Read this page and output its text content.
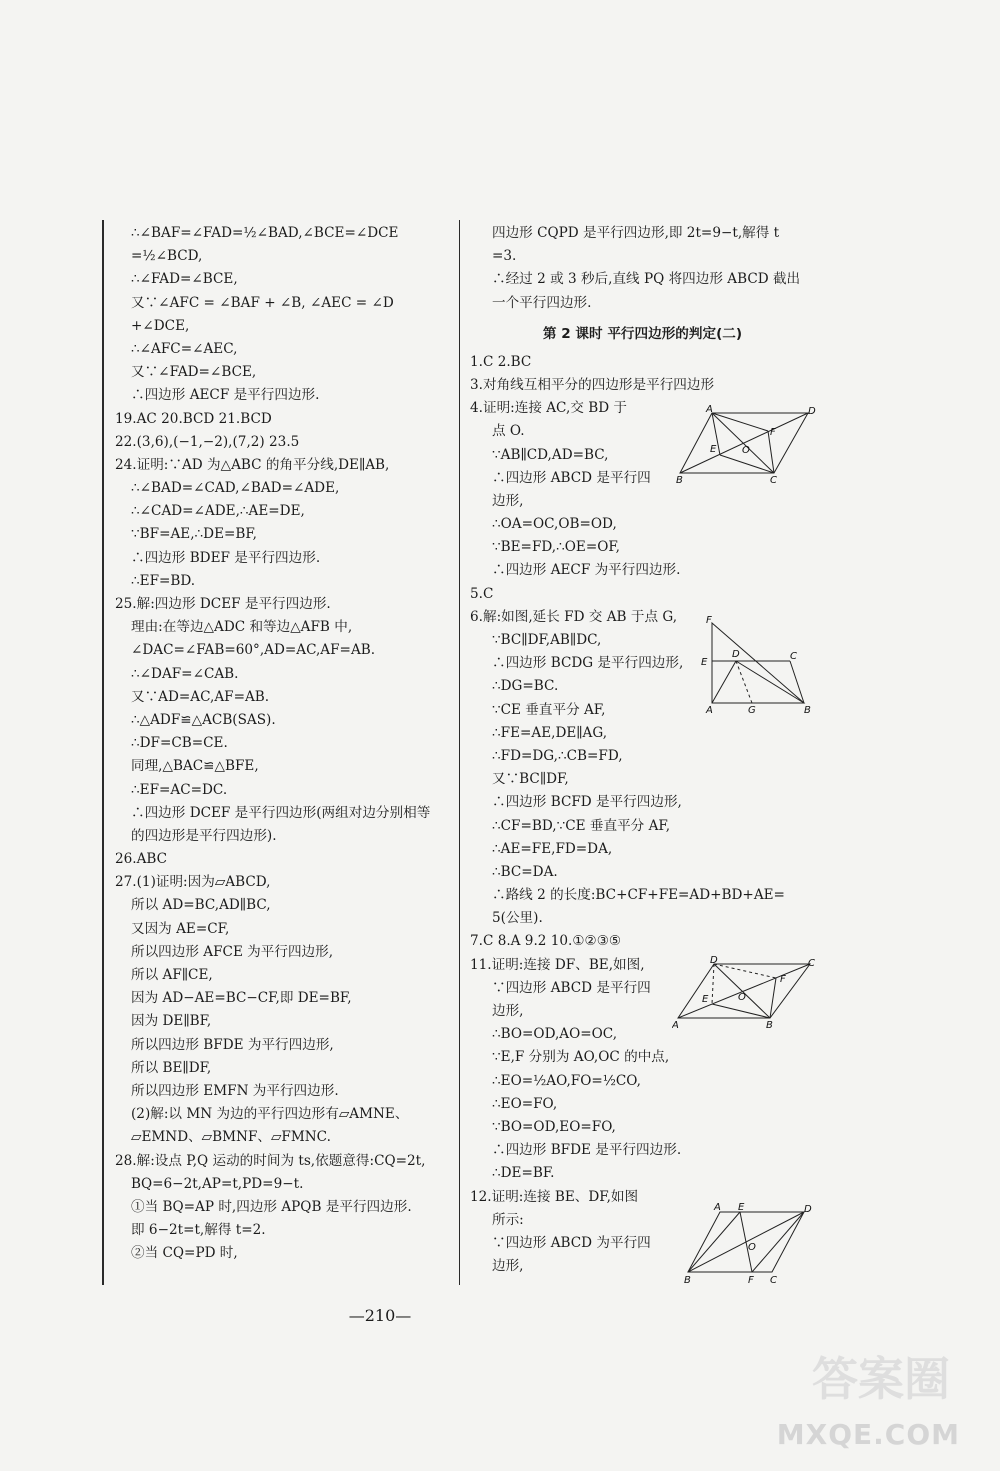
∴∠BAF=∠FAD=½∠BAD,∠BCE=∠DCE
=½∠BCD,
∴∠FAD=∠BCE,
又∵∠AFC = ∠BAF + ∠B, ∠AEC = ∠D
+∠DCE,
∴∠AFC=∠AEC,
又∵∠FAD=∠BCE,
∴四边形 AECF 是平行四边形.
19.AC 20.BCD 21.BCD
22.(3,6),(−1,−2),(7,2) 23.5
24.证明:∵AD 为△ABC 的角平分线,DE∥AB,
∴∠BAD=∠CAD,∠BAD=∠ADE,
∴∠CAD=∠ADE,∴AE=DE,
∵BF=AE,∴DE=BF,
∴四边形 BDEF 是平行四边形.
∴EF=BD.
25.解:四边形 DCEF 是平行四边形.
理由:在等边△ADC 和等边△AFB 中,
∠DAC=∠FAB=60°,AD=AC,AF=AB.
∴∠DAF=∠CAB.
又∵AD=AC,AF=AB.
∴△ADF≌△ACB(SAS).
∴DF=CB=CE.
同理,△BAC≌△BFE,
∴EF=AC=DC.
∴四边形 DCEF 是平行四边形(两组对边分别相等
的四边形是平行四边形).
26.ABC
27.(1)证明:因为▱ABCD,
所以 AD=BC,AD∥BC,
又因为 AE=CF,
所以四边形 AFCE 为平行四边形,
所以 AF∥CE,
因为 AD−AE=BC−CF,即 DE=BF,
因为 DE∥BF,
所以四边形 BFDE 为平行四边形,
所以 BE∥DF,
所以四边形 EMFN 为平行四边形.
(2)解:以 MN 为边的平行四边形有▱AMNE、
▱EMND、▱BMNF、▱FMNC.
28.解:设点 P,Q 运动的时间为 ts,依题意得:CQ=2t,
BQ=6−2t,AP=t,PD=9−t.
①当 BQ=AP 时,四边形 APQB 是平行四边形.
即 6−2t=t,解得 t=2.
②当 CQ=PD 时,
四边形 CQPD 是平行四边形,即 2t=9−t,解得 t
=3.
∴经过 2 或 3 秒后,直线 PQ 将四边形 ABCD 截出
一个平行四边形.
第 2 课时 平行四边形的判定(二)
1.C 2.BC
3.对角线互相平分的四边形是平行四边形
4.证明:连接 AC,交 BD 于
点 O.
∵AB∥CD,AD=BC,
∴四边形 ABCD 是平行四
边形,
∴OA=OC,OB=OD,
∵BE=FD,∴OE=OF,
∴四边形 AECF 为平行四边形.
5.C
6.解:如图,延长 FD 交 AB 于点 G,
∵BC∥DF,AB∥DC,
∴四边形 BCDG 是平行四边形,
∴DG=BC.
∵CE 垂直平分 AF,
∴FE=AE,DE∥AG,
∴FD=DG,∴CB=FD,
又∵BC∥DF,
∴四边形 BCFD 是平行四边形,
∴CF=BD,∵CE 垂直平分 AF,
∴AE=FE,FD=DA,
∴BC=DA.
∴路线 2 的长度:BC+CF+FE=AD+BD+AE=
5(公里).
7.C 8.A 9.2 10.①②③⑤
11.证明:连接 DF、BE,如图,
∵四边形 ABCD 是平行四
边形,
∴BO=OD,AO=OC,
∵E,F 分别为 AO,OC 的中点,
∴EO=½AO,FO=½CO,
∴EO=FO,
∵BO=OD,EO=FO,
∴四边形 BFDE 是平行四边形.
∴DE=BF.
12.证明:连接 BE、DF,如图
所示:
∵四边形 ABCD 为平行四
边形,
A	D
E	O
F
B	C
F
E
D	C
A	G	B
D	C
E	O
F
A	B
A E	D
O
B	F C
—210—
答案圈
MXQE.COM
